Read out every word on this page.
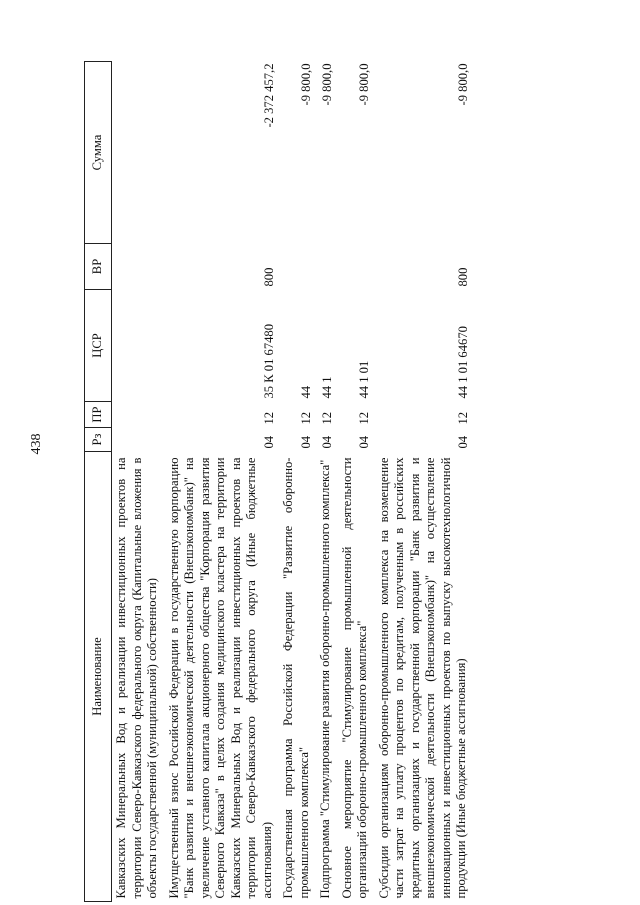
438
Наименование	Рз	ПР	ЦСР	ВР	Сумма
Кавказских Минеральных Вод и реализации инвестиционных проектов на территории Северо-Кавказского федерального округа (Капитальные вложения в объекты государственной (муниципальной) собственности)					
Имущественный взнос Российской Федерации в государственную корпорацию "Банк развития и внешнеэкономической деятельности (Внешэкономбанк)" на увеличение уставного капитала акционерного общества "Корпорация развития Северного Кавказа" в целях создания медицинского кластера на территории Кавказских Минеральных Вод и реализации инвестиционных проектов на территории Северо-Кавказского федерального округа (Иные бюджетные ассигнования)	04	12	35 К 01 67480	800	-2 372 457,2
Государственная программа Российской Федерации "Развитие оборонно-промышленного комплекса"	04	12	44		-9 800,0
Подпрограмма "Стимулирование развития оборонно-промышленного комплекса"	04	12	44 1		-9 800,0
Основное мероприятие "Стимулирование промышленной деятельности организаций оборонно-промышленного комплекса"	04	12	44 1 01		-9 800,0
Субсидии организациям оборонно-промышленного комплекса на возмещение части затрат на уплату процентов по кредитам, полученным в российских кредитных организациях и государственной корпорации "Банк развития и внешнеэкономической деятельности (Внешэкономбанк)" на осуществление инновационных и инвестиционных проектов по выпуску высокотехнологичной продукции (Иные бюджетные ассигнования)	04	12	44 1 01 64670	800	-9 800,0
